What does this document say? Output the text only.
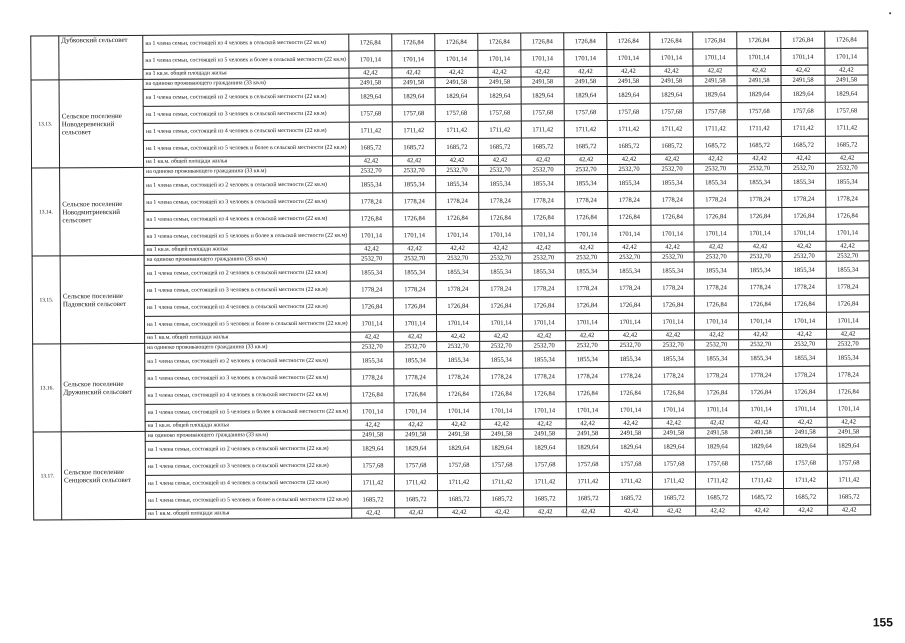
	Дубковский сельсовет	на 1 члена семьи, состоящей из 4 человек в сельской местности (22 кв.м)	1726,84	1726,84	1726,84	1726,84	1726,84	1726,84	1726,84	1726,84	1726,84	1726,84	1726,84	1726,84
		на 1 члена семьи, состоящей из 5 человек и более в сельской местности (22 кв.м)	1701,14	1701,14	1701,14	1701,14	1701,14	1701,14	1701,14	1701,14	1701,14	1701,14	1701,14	1701,14
		на 1 кв.м. общей площади жилья	42,42	42,42	42,42	42,42	42,42	42,42	42,42	42,42	42,42	42,42	42,42	42,42
13.13.	Сельское поселение Новодеревенский сельсовет	на одиноко проживающего гражданина (33 кв.м)	2491,58	2491,58	2491,58	2491,58	2491,58	2491,58	2491,58	2491,58	2491,58	2491,58	2491,58	2491,58
		на 1 члена семьи, состоящей из 2 человек в сельской местности (22 кв.м)	1829,64	1829,64	1829,64	1829,64	1829,64	1829,64	1829,64	1829,64	1829,64	1829,64	1829,64	1829,64
		на 1 члена семьи, состоящей из 3 человек в сельской местности (22 кв.м)	1757,68	1757,68	1757,68	1757,68	1757,68	1757,68	1757,68	1757,68	1757,68	1757,68	1757,68	1757,68
		на 1 члена семьи, состоящей из 4 человек в сельской местности (22 кв.м)	1711,42	1711,42	1711,42	1711,42	1711,42	1711,42	1711,42	1711,42	1711,42	1711,42	1711,42	1711,42
		на 1 члена семьи, состоящей из 5 человек и более в сельской местности (22 кв.м)	1685,72	1685,72	1685,72	1685,72	1685,72	1685,72	1685,72	1685,72	1685,72	1685,72	1685,72	1685,72
		на 1 кв.м. общей площади жилья	42,42	42,42	42,42	42,42	42,42	42,42	42,42	42,42	42,42	42,42	42,42	42,42
13.14.	Сельское поселение Новодмитриевский сельсовет	на одиноко проживающего гражданина (33 кв.м)	2532,70	2532,70	2532,70	2532,70	2532,70	2532,70	2532,70	2532,70	2532,70	2532,70	2532,70	2532,70
		на 1 члена семьи, состоящей из 2 человек в сельской местности (22 кв.м)	1855,34	1855,34	1855,34	1855,34	1855,34	1855,34	1855,34	1855,34	1855,34	1855,34	1855,34	1855,34
		на 1 члена семьи, состоящей из 3 человек в сельской местности (22 кв.м)	1778,24	1778,24	1778,24	1778,24	1778,24	1778,24	1778,24	1778,24	1778,24	1778,24	1778,24	1778,24
		на 1 члена семьи, состоящей из 4 человек в сельской местности (22 кв.м)	1726,84	1726,84	1726,84	1726,84	1726,84	1726,84	1726,84	1726,84	1726,84	1726,84	1726,84	1726,84
		на 1 члена семьи, состоящей из 5 человек и более в сельской местности (22 кв.м)	1701,14	1701,14	1701,14	1701,14	1701,14	1701,14	1701,14	1701,14	1701,14	1701,14	1701,14	1701,14
		на 1 кв.м. общей площади жилья	42,42	42,42	42,42	42,42	42,42	42,42	42,42	42,42	42,42	42,42	42,42	42,42
13.15.	Сельское поселение Падовский сельсовет	на одиноко проживающего гражданина (33 кв.м)	2532,70	2532,70	2532,70	2532,70	2532,70	2532,70	2532,70	2532,70	2532,70	2532,70	2532,70	2532,70
		на 1 члена семьи, состоящей из 2 человек в сельской местности (22 кв.м)	1855,34	1855,34	1855,34	1855,34	1855,34	1855,34	1855,34	1855,34	1855,34	1855,34	1855,34	1855,34
		на 1 члена семьи, состоящей из 3 человек в сельской местности (22 кв.м)	1778,24	1778,24	1778,24	1778,24	1778,24	1778,24	1778,24	1778,24	1778,24	1778,24	1778,24	1778,24
		на 1 члена семьи, состоящей из 4 человек в сельской местности (22 кв.м)	1726,84	1726,84	1726,84	1726,84	1726,84	1726,84	1726,84	1726,84	1726,84	1726,84	1726,84	1726,84
		на 1 члена семьи, состоящей из 5 человек и более в сельской местности (22 кв.м)	1701,14	1701,14	1701,14	1701,14	1701,14	1701,14	1701,14	1701,14	1701,14	1701,14	1701,14	1701,14
		на 1 кв.м. общей площади жилья	42,42	42,42	42,42	42,42	42,42	42,42	42,42	42,42	42,42	42,42	42,42	42,42
13.16.	Сельское поселение Дружинский сельсовет	на одиноко проживающего гражданина (33 кв.м)	2532,70	2532,70	2532,70	2532,70	2532,70	2532,70	2532,70	2532,70	2532,70	2532,70	2532,70	2532,70
		на 1 члена семьи, состоящей из 2 человек в сельской местности (22 кв.м)	1855,34	1855,34	1855,34	1855,34	1855,34	1855,34	1855,34	1855,34	1855,34	1855,34	1855,34	1855,34
		на 1 члена семьи, состоящей из 3 человек в сельской местности (22 кв.м)	1778,24	1778,24	1778,24	1778,24	1778,24	1778,24	1778,24	1778,24	1778,24	1778,24	1778,24	1778,24
		на 1 члена семьи, состоящей из 4 человек в сельской местности (22 кв.м)	1726,84	1726,84	1726,84	1726,84	1726,84	1726,84	1726,84	1726,84	1726,84	1726,84	1726,84	1726,84
		на 1 члена семьи, состоящей из 5 человек и более в сельской местности (22 кв.м)	1701,14	1701,14	1701,14	1701,14	1701,14	1701,14	1701,14	1701,14	1701,14	1701,14	1701,14	1701,14
		на 1 кв.м. общей площади жилья	42,42	42,42	42,42	42,42	42,42	42,42	42,42	42,42	42,42	42,42	42,42	42,42
13.17.	Сельское поселение Сенцовский сельсовет	на одиноко проживающего гражданина (33 кв.м)	2491,58	2491,58	2491,58	2491,58	2491,58	2491,58	2491,58	2491,58	2491,58	2491,58	2491,58	2491,58
		на 1 члена семьи, состоящей из 2 человек в сельской местности (22 кв.м)	1829,64	1829,64	1829,64	1829,64	1829,64	1829,64	1829,64	1829,64	1829,64	1829,64	1829,64	1829,64
		на 1 члена семьи, состоящей из 3 человек в сельской местности (22 кв.м)	1757,68	1757,68	1757,68	1757,68	1757,68	1757,68	1757,68	1757,68	1757,68	1757,68	1757,68	1757,68
		на 1 члена семьи, состоящей из 4 человек в сельской местности (22 кв.м)	1711,42	1711,42	1711,42	1711,42	1711,42	1711,42	1711,42	1711,42	1711,42	1711,42	1711,42	1711,42
		на 1 члена семьи, состоящей из 5 человек и более в сельской местности (22 кв.м)	1685,72	1685,72	1685,72	1685,72	1685,72	1685,72	1685,72	1685,72	1685,72	1685,72	1685,72	1685,72
		на 1 кв.м. общей площади жилья	42,42	42,42	42,42	42,42	42,42	42,42	42,42	42,42	42,42	42,42	42,42	42,42
155
